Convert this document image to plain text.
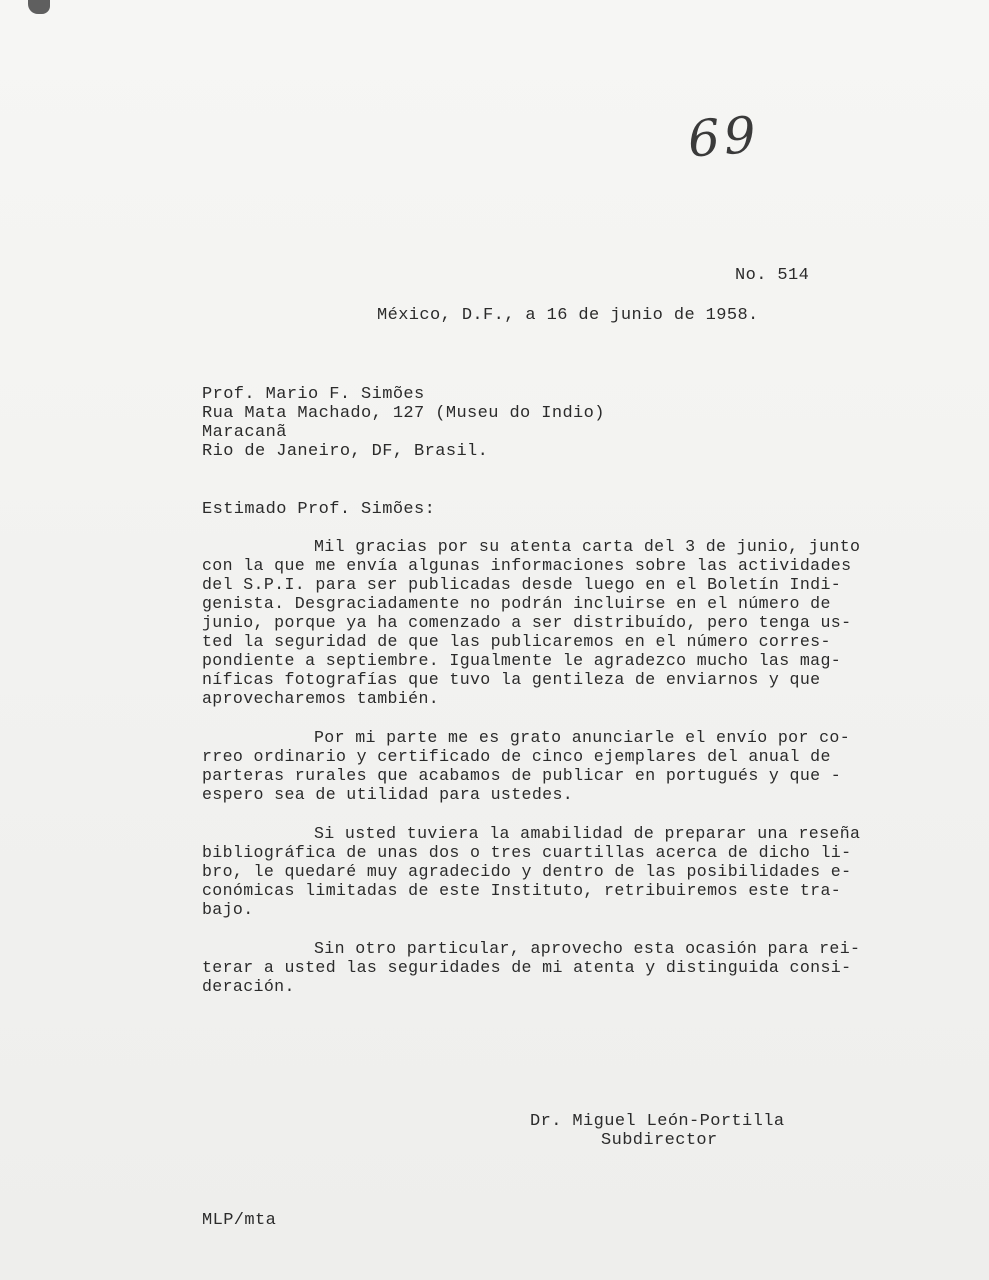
69
No. 514
México, D.F., a 16 de junio de 1958.
Prof. Mario F. Simões
Rua Mata Machado, 127 (Museu do Indio)
Maracanã
Rio de Janeiro, DF, Brasil.
Estimado Prof. Simões:
Mil gracias por su atenta carta del 3 de junio, junto
con la que me envía algunas informaciones sobre las actividades
del S.P.I. para ser publicadas desde luego en el Boletín Indi-
genista. Desgraciadamente no podrán incluirse en el número de
junio, porque ya ha comenzado a ser distribuído, pero tenga us-
ted la seguridad de que las publicaremos en el número corres-
pondiente a septiembre. Igualmente le agradezco mucho las mag-
níficas fotografías que tuvo la gentileza de enviarnos y que
aprovecharemos también.
Por mi parte me es grato anunciarle el envío por co-
rreo ordinario y certificado de cinco ejemplares del anual de
parteras rurales que acabamos de publicar en portugués y que -
espero sea de utilidad para ustedes.
Si usted tuviera la amabilidad de preparar una reseña
bibliográfica de unas dos o tres cuartillas acerca de dicho li-
bro, le quedaré muy agradecido y dentro de las posibilidades e-
conómicas limitadas de este Instituto, retribuiremos este tra-
bajo.
Sin otro particular, aprovecho esta ocasión para rei-
terar a usted las seguridades de mi atenta y distinguida consi-
deración.
Dr. Miguel León-Portilla
Subdirector
MLP/mta
